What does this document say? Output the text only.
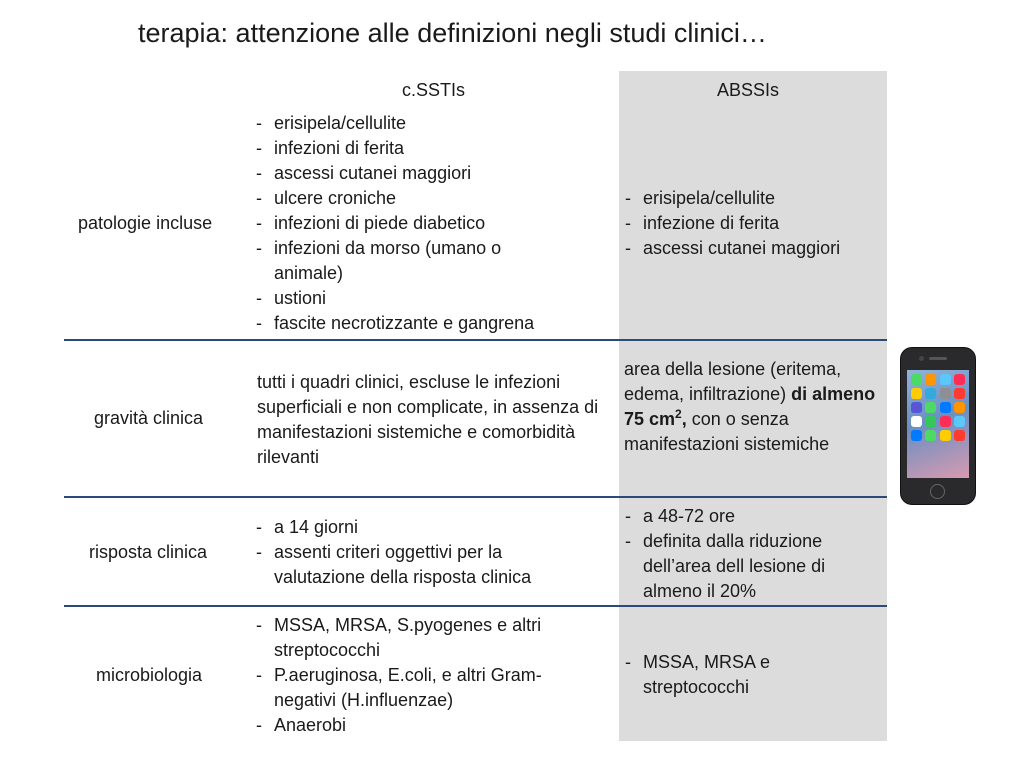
terapia: attenzione alle definizioni negli studi clinici…
c.SSTIs	ABSSIs
patologie incluse
- erisipela/cellulite
- infezioni di ferita
- ascessi cutanei maggiori
- ulcere croniche
- infezioni di piede diabetico
- infezioni da morso (umano o animale)
- ustioni
- fascite necrotizzante e gangrena
- erisipela/cellulite
- infezione di ferita
- ascessi cutanei maggiori
gravità clinica

tutti i quadri clinici, escluse le infezioni superficiali e non complicate, in assenza di manifestazioni sistemiche e comorbidità rilevanti

area della lesione (eritema, edema, infiltrazione) di almeno 75 $cm^2$, con o senza manifestazioni sistemiche

risposta clinica
- a 14 giorni
- assenti criteri oggettivi per la valutazione della risposta clinica
- a 48-72 ore
- definita dalla riduzione dell’area dell lesione di almeno il 20%
microbiologia
- MSSA, MRSA, S.pyogenes e altri streptococchi
- P.aeruginosa, E.coli, e altri Gram-negativi (H.influenzae)
- Anaerobi
- MSSA, MRSA e streptococchi
